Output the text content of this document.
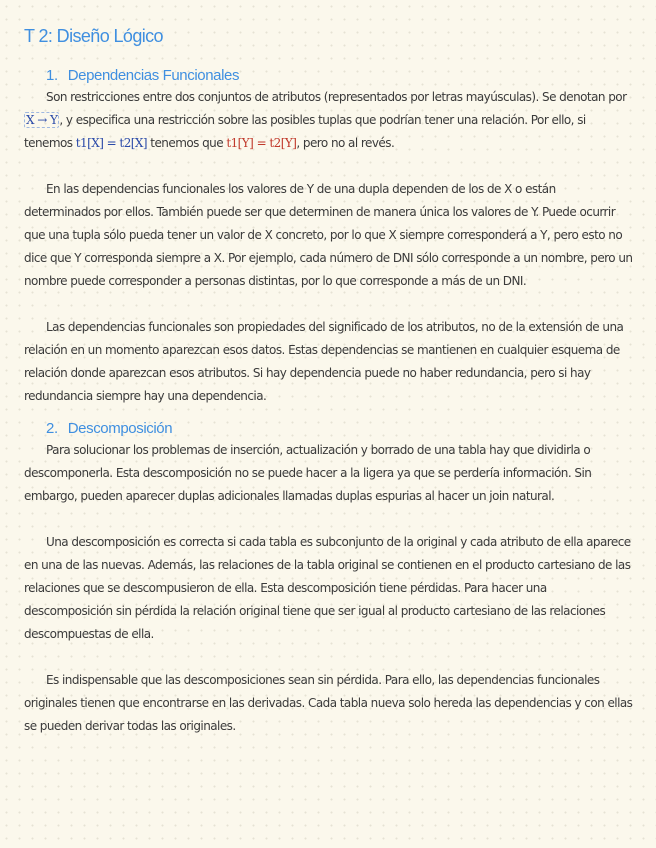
T 2: Diseño Lógico
1. Dependencias Funcionales

Son restricciones entre dos conjuntos de atributos (representados por letras mayúsculas). Se denotan por X → Y , y especifica una restricción sobre las posibles tuplas que podrían tener una relación. Por ello, si tenemos t1[X] = t2[X] tenemos que t1[Y] = t2[Y], pero no al revés.

En las dependencias funcionales los valores de Y de una dupla dependen de los de X o están determinados por ellos. También puede ser que determinen de manera única los valores de Y. Puede ocurrir que una tupla sólo pueda tener un valor de X concreto, por lo que X siempre corresponderá a Y, pero esto no dice que Y corresponda siempre a X. Por ejemplo, cada número de DNI sólo corresponde a un nombre, pero un nombre puede corresponder a personas distintas, por lo que corresponde a más de un DNI.

Las dependencias funcionales son propiedades del significado de los atributos, no de la extensión de una relación en un momento aparezcan esos datos. Estas dependencias se mantienen en cualquier esquema de relación donde aparezcan esos atributos. Si hay dependencia puede no haber redundancia, pero si hay redundancia siempre hay una dependencia.

2. Descomposición

Para solucionar los problemas de inserción, actualización y borrado de una tabla hay que dividirla o descomponerla. Esta descomposición no se puede hacer a la ligera ya que se perdería información. Sin embargo, pueden aparecer duplas adicionales llamadas duplas espurias al hacer un join natural.

Una descomposición es correcta si cada tabla es subconjunto de la original y cada atributo de ella aparece en una de las nuevas. Además, las relaciones de la tabla original se contienen en el producto cartesiano de las relaciones que se descompusieron de ella. Esta descomposición tiene pérdidas. Para hacer una descomposición sin pérdida la relación original tiene que ser igual al producto cartesiano de las relaciones descompuestas de ella.

Es indispensable que las descomposiciones sean sin pérdida. Para ello, las dependencias funcionales originales tienen que encontrarse en las derivadas. Cada tabla nueva solo hereda las dependencias y con ellas se pueden derivar todas las originales.
